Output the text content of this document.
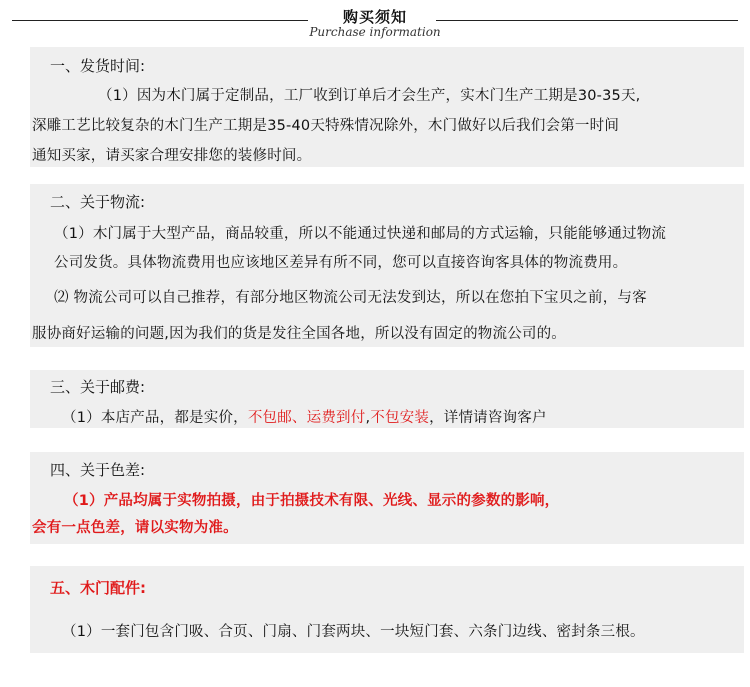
购买须知
Purchase information
一、发货时间:
（1）因为木门属于定制品，工厂收到订单后才会生产，实木门生产工期是30-35天,
深雕工艺比较复杂的木门生产工期是35-40天特殊情况除外，木门做好以后我们会第一时间
通知买家，请买家合理安排您的装修时间。
二、关于物流:
（1）木门属于大型产品，商品较重，所以不能通过快递和邮局的方式运输，只能能够通过物流
公司发货。具体物流费用也应该地区差异有所不同，您可以直接咨询客具体的物流费用。
⑵ 物流公司可以自己推荐，有部分地区物流公司无法发到达，所以在您拍下宝贝之前，与客
服协商好运输的问题,因为我们的货是发往全国各地，所以没有固定的物流公司的。
三、关于邮费:
（1）本店产品，都是实价，不包邮、运费到付,不包安装，详情请咨询客户
四、关于色差:
（1）产品均属于实物拍摄，由于拍摄技术有限、光线、显示的参数的影响，
会有一点色差，请以实物为准。
五、木门配件:
（1）一套门包含门吸、合页、门扇、门套两块、一块短门套、六条门边线、密封条三根。
